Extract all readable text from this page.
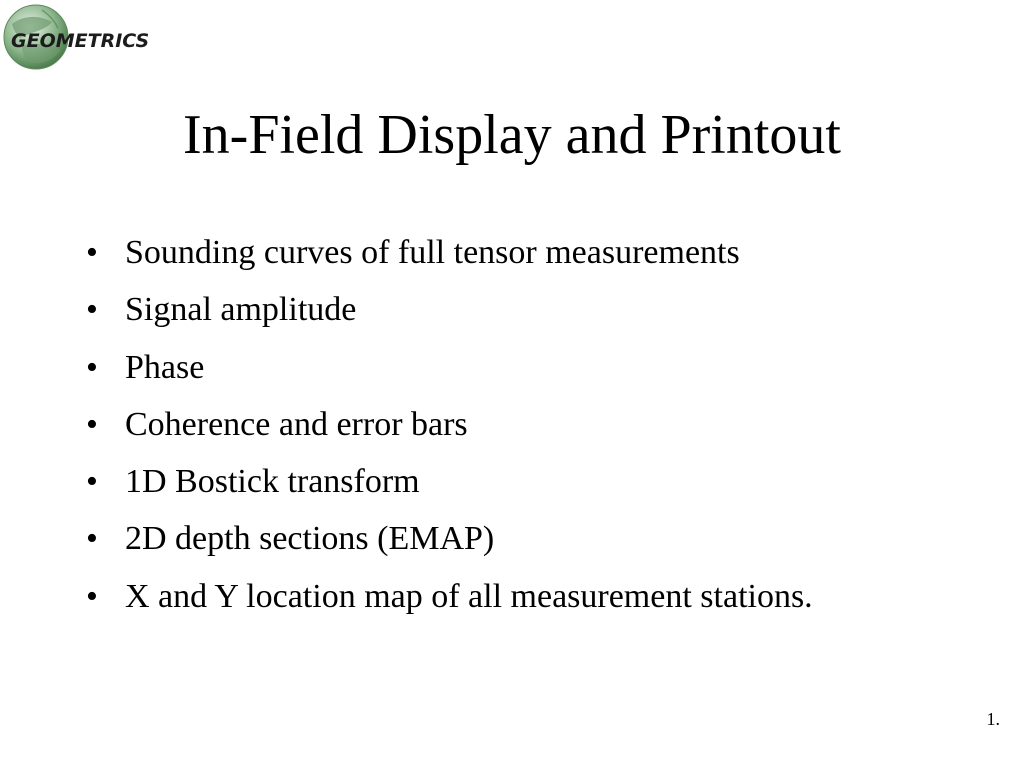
GEOMETRICS
In-Field Display and Printout
• Sounding curves of full tensor measurements
• Signal amplitude
• Phase
• Coherence and error bars
• 1D Bostick transform
• 2D depth sections (EMAP)
• X and Y location map of all measurement stations.
1.
